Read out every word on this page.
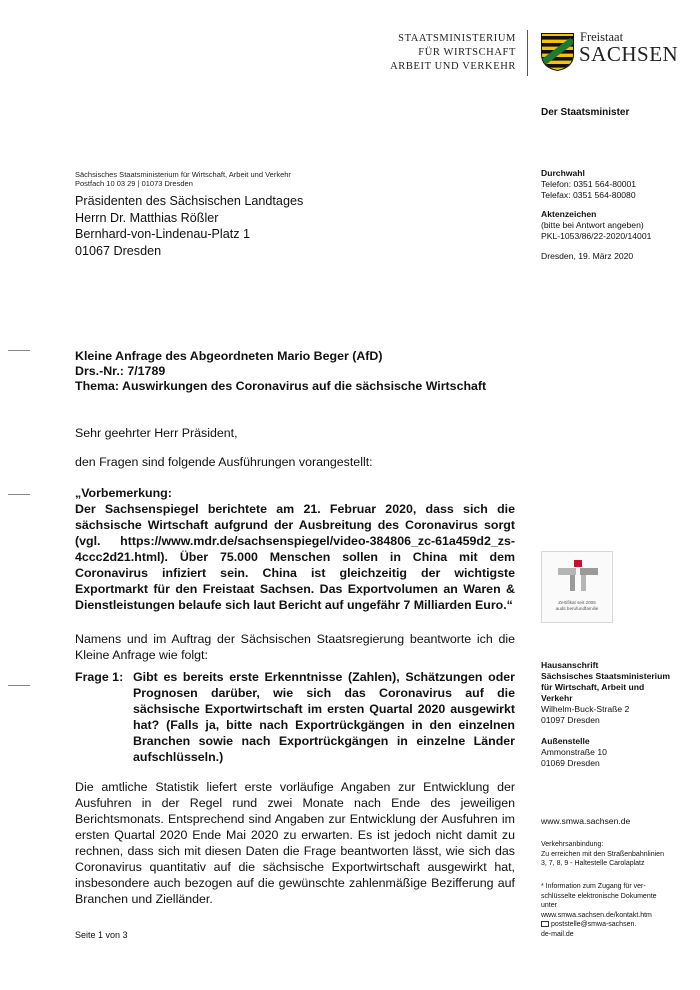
STAATSMINISTERIUM
FÜR WIRTSCHAFT
ARBEIT UND VERKEHR
Freistaat
SACHSEN
Der Staatsminister
Sächsisches Staatsministerium für Wirtschaft, Arbeit und Verkehr
Postfach 10 03 29 | 01073 Dresden
Präsidenten des Sächsischen Landtages
Herrn Dr. Matthias Rößler
Bernhard-von-Lindenau-Platz 1
01067 Dresden
Durchwahl
Telefon: 0351 564-80001
Telefax: 0351 564-80080
Aktenzeichen
(bitte bei Antwort angeben)
PKL-1053/86/22-2020/14001
Dresden, 19. März 2020
Kleine Anfrage des Abgeordneten Mario Beger (AfD)
Drs.-Nr.: 7/1789
Thema: Auswirkungen des Coronavirus auf die sächsische Wirtschaft
Sehr geehrter Herr Präsident,
den Fragen sind folgende Ausführungen vorangestellt:
„Vorbemerkung:
Der Sachsenspiegel berichtete am 21. Februar 2020, dass sich die sächsische Wirtschaft aufgrund der Ausbreitung des Coronavirus sorgt (vgl. https://www.mdr.de/sachsenspiegel/video-384806_zc-61a459d2_zs-4ccc2d21.html). Über 75.000 Menschen sollen in China mit dem Coronavirus infiziert sein. China ist gleichzeitig der wichtigste Exportmarkt für den Freistaat Sachsen. Das Exportvolumen an Waren & Dienstleistungen belaufe sich laut Bericht auf ungefähr 7 Milliarden Euro.“
Namens und im Auftrag der Sächsischen Staatsregierung beantworte ich die Kleine Anfrage wie folgt:
Frage 1: Gibt es bereits erste Erkenntnisse (Zahlen), Schätzungen oder Prognosen darüber, wie sich das Coronavirus auf die sächsische Exportwirtschaft im ersten Quartal 2020 ausgewirkt hat? (Falls ja, bitte nach Exportrückgängen in den einzelnen Branchen sowie nach Exportrückgängen in einzelne Länder aufschlüsseln.)
Die amtliche Statistik liefert erste vorläufige Angaben zur Entwicklung der Ausfuhren in der Regel rund zwei Monate nach Ende des jeweiligen Berichtsmonats. Entsprechend sind Angaben zur Entwicklung der Ausfuhren im ersten Quartal 2020 Ende Mai 2020 zu erwarten. Es ist jedoch nicht damit zu rechnen, dass sich mit diesen Daten die Frage beantworten lässt, wie sich das Coronavirus quantitativ auf die sächsische Exportwirtschaft ausgewirkt hat, insbesondere auch bezogen auf die gewünschte zahlenmäßige Bezifferung auf Branchen und Zielländer.
Zertifikat seit 2006
audit berufundfamilie
Hausanschrift
Sächsisches Staatsministerium
für Wirtschaft, Arbeit und
Verkehr
Wilhelm-Buck-Straße 2
01097 Dresden
Außenstelle
Ammonstraße 10
01069 Dresden
www.smwa.sachsen.de
Verkehrsanbindung:
Zu erreichen mit den Straßenbahnlinien
3, 7, 8, 9 - Haltestelle Carolaplatz
* Information zum Zugang für ver-
schlüsselte elektronische Dokumente
unter
www.smwa.sachsen.de/kontakt.htm
poststelle@smwa-sachsen.
de-mail.de
Seite 1 von 3
